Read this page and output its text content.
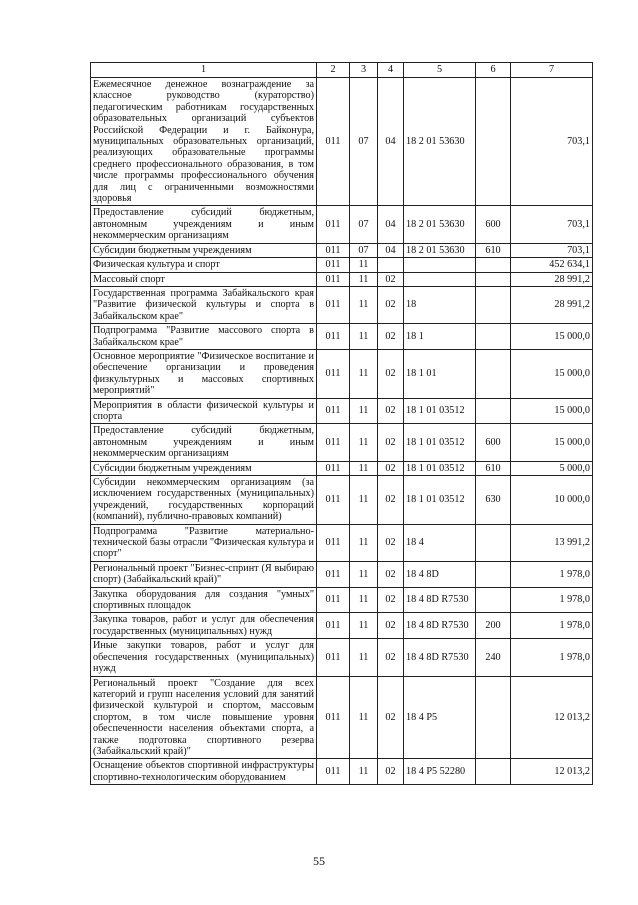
1	2	3	4	5	6	7
Ежемесячное денежное вознаграждение за классное руководство (кураторство) педагогическим работникам государственных образовательных организаций субъектов Российской Федерации и г. Байконура, муниципальных образовательных организаций, реализующих образовательные программы среднего профессионального образования, в том числе программы профессионального обучения для лиц с ограниченными возможностями здоровья	011	07	04	18 2 01 53630		703,1
Предоставление субсидий бюджетным, автономным учреждениям и иным некоммерческим организациям	011	07	04	18 2 01 53630	600	703,1
Субсидии бюджетным учреждениям	011	07	04	18 2 01 53630	610	703,1
Физическая культура и спорт	011	11				452 634,1
Массовый спорт	011	11	02			28 991,2
Государственная программа Забайкальского края "Развитие физической культуры и спорта в Забайкальском крае"	011	11	02	18		28 991,2
Подпрограмма "Развитие массового спорта в Забайкальском крае"	011	11	02	18 1		15 000,0
Основное мероприятие "Физическое воспитание и обеспечение организации и проведения физкультурных и массовых спортивных мероприятий"	011	11	02	18 1 01		15 000,0
Мероприятия в области физической культуры и спорта	011	11	02	18 1 01 03512		15 000,0
Предоставление субсидий бюджетным, автономным учреждениям и иным некоммерческим организациям	011	11	02	18 1 01 03512	600	15 000,0
Субсидии бюджетным учреждениям	011	11	02	18 1 01 03512	610	5 000,0
Субсидии некоммерческим организациям (за исключением государственных (муниципальных) учреждений, государственных корпораций (компаний), публично-правовых компаний)	011	11	02	18 1 01 03512	630	10 000,0
Подпрограмма "Развитие материально-технической базы отрасли "Физическая культура и спорт"	011	11	02	18 4		13 991,2
Региональный проект "Бизнес-спринт (Я выбираю спорт) (Забайкальский край)"	011	11	02	18 4 8D		1 978,0
Закупка оборудования для создания "умных" спортивных площадок	011	11	02	18 4 8D R7530		1 978,0
Закупка товаров, работ и услуг для обеспечения государственных (муниципальных) нужд	011	11	02	18 4 8D R7530	200	1 978,0
Иные закупки товаров, работ и услуг для обеспечения государственных (муниципальных) нужд	011	11	02	18 4 8D R7530	240	1 978,0
Региональный проект "Создание для всех категорий и групп населения условий для занятий физической культурой и спортом, массовым спортом, в том числе повышение уровня обеспеченности населения объектами спорта, а также подготовка спортивного резерва (Забайкальский край)"	011	11	02	18 4 P5		12 013,2
Оснащение объектов спортивной инфраструктуры спортивно-технологическим оборудованием	011	11	02	18 4 P5 52280		12 013,2
55
